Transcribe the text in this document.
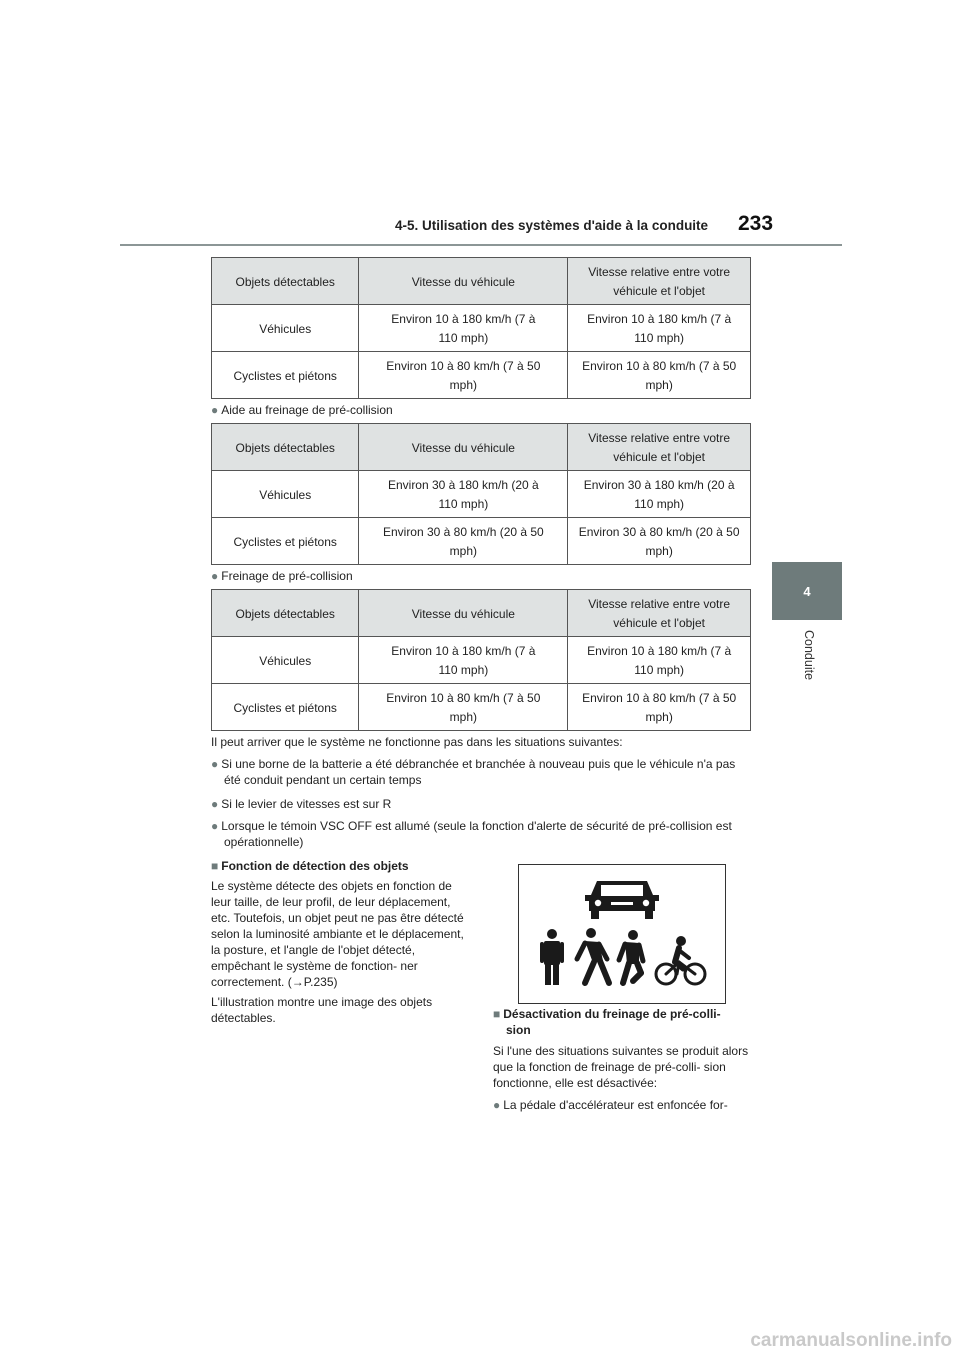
4-5. Utilisation des systèmes d'aide à la conduite 233
4
Conduite
Objets détectables	Vitesse du véhicule	Vitesse relative entre votre
véhicule et l'objet
Véhicules	Environ 10 à 180 km/h (7 à
110 mph)	Environ 10 à 180 km/h (7 à
110 mph)
Cyclistes et piétons	Environ 10 à 80 km/h (7 à 50
mph)	Environ 10 à 80 km/h (7 à 50
mph)
● Aide au freinage de pré-collision
Objets détectables	Vitesse du véhicule	Vitesse relative entre votre
véhicule et l'objet
Véhicules	Environ 30 à 180 km/h (20 à
110 mph)	Environ 30 à 180 km/h (20 à
110 mph)
Cyclistes et piétons	Environ 30 à 80 km/h (20 à 50
mph)	Environ 30 à 80 km/h (20 à 50
mph)
● Freinage de pré-collision
Objets détectables	Vitesse du véhicule	Vitesse relative entre votre
véhicule et l'objet
Véhicules	Environ 10 à 180 km/h (7 à
110 mph)	Environ 10 à 180 km/h (7 à
110 mph)
Cyclistes et piétons	Environ 10 à 80 km/h (7 à 50
mph)	Environ 10 à 80 km/h (7 à 50
mph)
Il peut arriver que le système ne fonctionne pas dans les situations suivantes:
● Si une borne de la batterie a été débranchée et branchée à nouveau puis que le véhicule n'a pas été conduit pendant un certain temps
● Si le levier de vitesses est sur R
● Lorsque le témoin VSC OFF est allumé (seule la fonction d'alerte de sécurité de pré-collision est opérationnelle)
■ Fonction de détection des objets
Le système détecte des objets en fonction de leur taille, de leur profil, de leur déplacement, etc. Toutefois, un objet peut ne pas être détecté selon la luminosité ambiante et le déplacement, la posture, et l'angle de l'objet détecté, empêchant le système de fonction- ner correctement. (→P.235)
L'illustration montre une image des objets détectables.	■ Désactivation du freinage de pré-colli-
sion
Si l'une des situations suivantes se produit alors que la fonction de freinage de pré-colli- sion fonctionne, elle est désactivée:
● La pédale d'accélérateur est enfoncée for-
carmanualsonline.info
